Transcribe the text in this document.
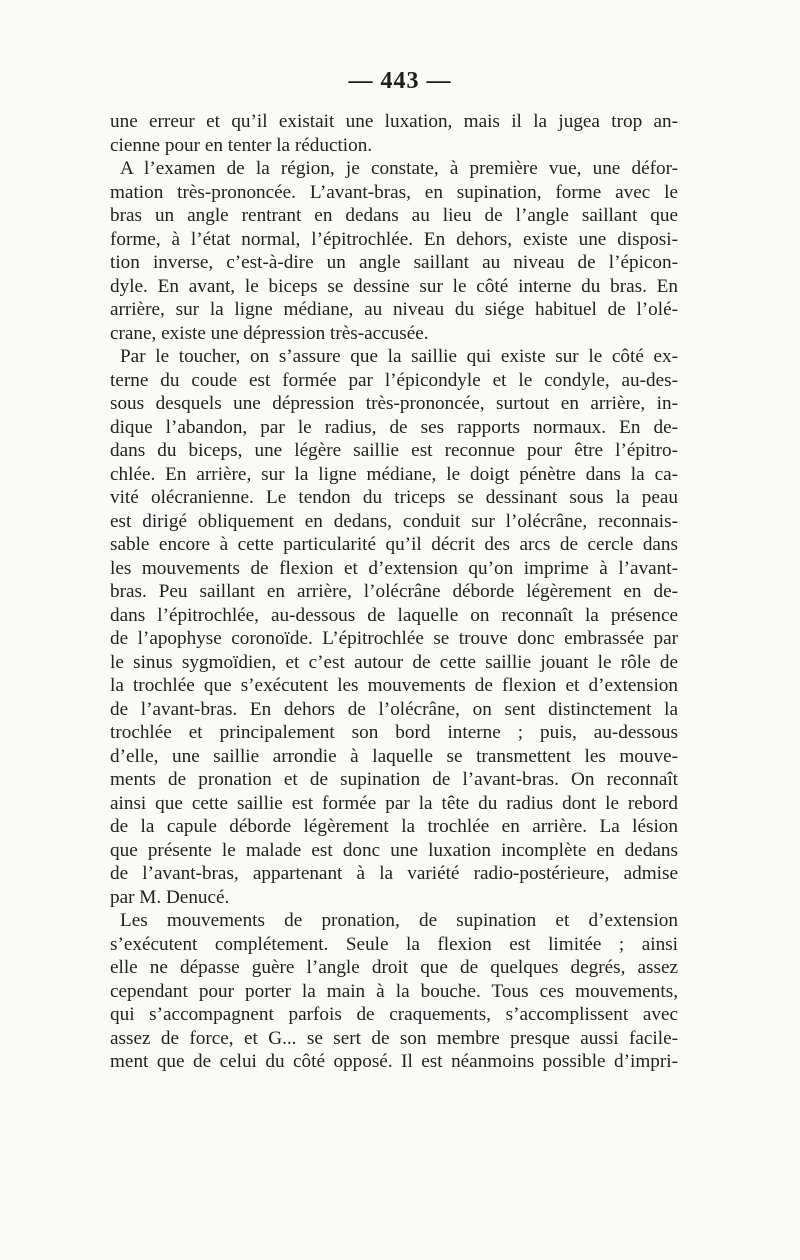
— 443 —
une erreur et qu’il existait une luxation, mais il la jugea trop an-
cienne pour en tenter la réduction.
A l’examen de la région, je constate, à première vue, une défor-
mation très-prononcée. L’avant-bras, en supination, forme avec le
bras un angle rentrant en dedans au lieu de l’angle saillant que
forme, à l’état normal, l’épitrochlée. En dehors, existe une disposi-
tion inverse, c’est-à-dire un angle saillant au niveau de l’épicon-
dyle. En avant, le biceps se dessine sur le côté interne du bras. En
arrière, sur la ligne médiane, au niveau du siége habituel de l’olé-
crane, existe une dépression très-accusée.
Par le toucher, on s’assure que la saillie qui existe sur le côté ex-
terne du coude est formée par l’épicondyle et le condyle, au-des-
sous desquels une dépression très-prononcée, surtout en arrière, in-
dique l’abandon, par le radius, de ses rapports normaux. En de-
dans du biceps, une légère saillie est reconnue pour être l’épitro-
chlée. En arrière, sur la ligne médiane, le doigt pénètre dans la ca-
vité olécranienne. Le tendon du triceps se dessinant sous la peau
est dirigé obliquement en dedans, conduit sur l’olécrâne, reconnais-
sable encore à cette particularité qu’il décrit des arcs de cercle dans
les mouvements de flexion et d’extension qu’on imprime à l’avant-
bras. Peu saillant en arrière, l’olécrâne déborde légèrement en de-
dans l’épitrochlée, au-dessous de laquelle on reconnaît la présence
de l’apophyse coronoïde. L’épitrochlée se trouve donc embrassée par
le sinus sygmoïdien, et c’est autour de cette saillie jouant le rôle de
la trochlée que s’exécutent les mouvements de flexion et d’extension
de l’avant-bras. En dehors de l’olécrâne, on sent distinctement la
trochlée et principalement son bord interne ; puis, au-dessous
d’elle, une saillie arrondie à laquelle se transmettent les mouve-
ments de pronation et de supination de l’avant-bras. On reconnaît
ainsi que cette saillie est formée par la tête du radius dont le rebord
de la capule déborde légèrement la trochlée en arrière. La lésion
que présente le malade est donc une luxation incomplète en dedans
de l’avant-bras, appartenant à la variété radio-postérieure, admise
par M. Denucé.
Les mouvements de pronation, de supination et d’extension
s’exécutent complétement. Seule la flexion est limitée ; ainsi
elle ne dépasse guère l’angle droit que de quelques degrés, assez
cependant pour porter la main à la bouche. Tous ces mouvements,
qui s’accompagnent parfois de craquements, s’accomplissent avec
assez de force, et G... se sert de son membre presque aussi facile-
ment que de celui du côté opposé. Il est néanmoins possible d’impri-
